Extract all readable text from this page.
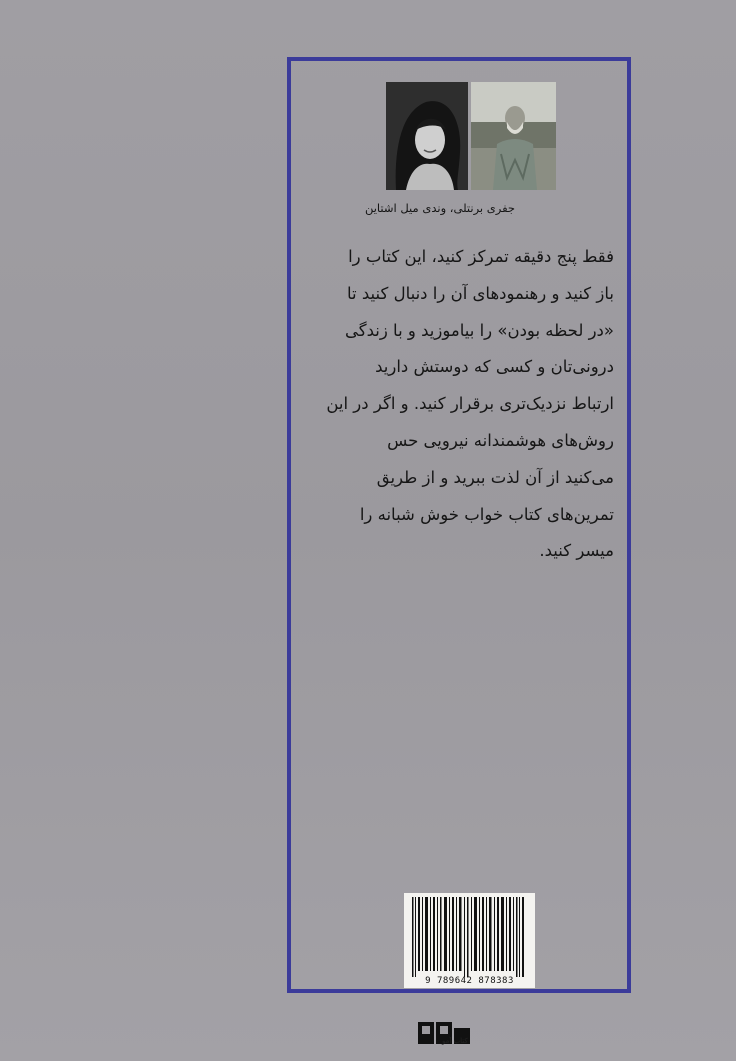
جفری برنتلی، وندی میل اشتاین
فقط پنج دقیقه تمرکز کنید، این کتاب را
باز کنید و رهنمودهای آن را دنبال کنید تا
«در لحظه بودن» را بیاموزید و با زندگی
درونی‌تان و کسی که دوستش دارید
ارتباط نزدیک‌تری برقرار کنید. و اگر در این
روش‌های هوشمندانه نیرویی حس
می‌کنید از آن لذت ببرید و از طریق
تمرین‌های کتاب خواب خوش شبانه را
میسر کنید.
9 789642 878383
کتاب آمو
